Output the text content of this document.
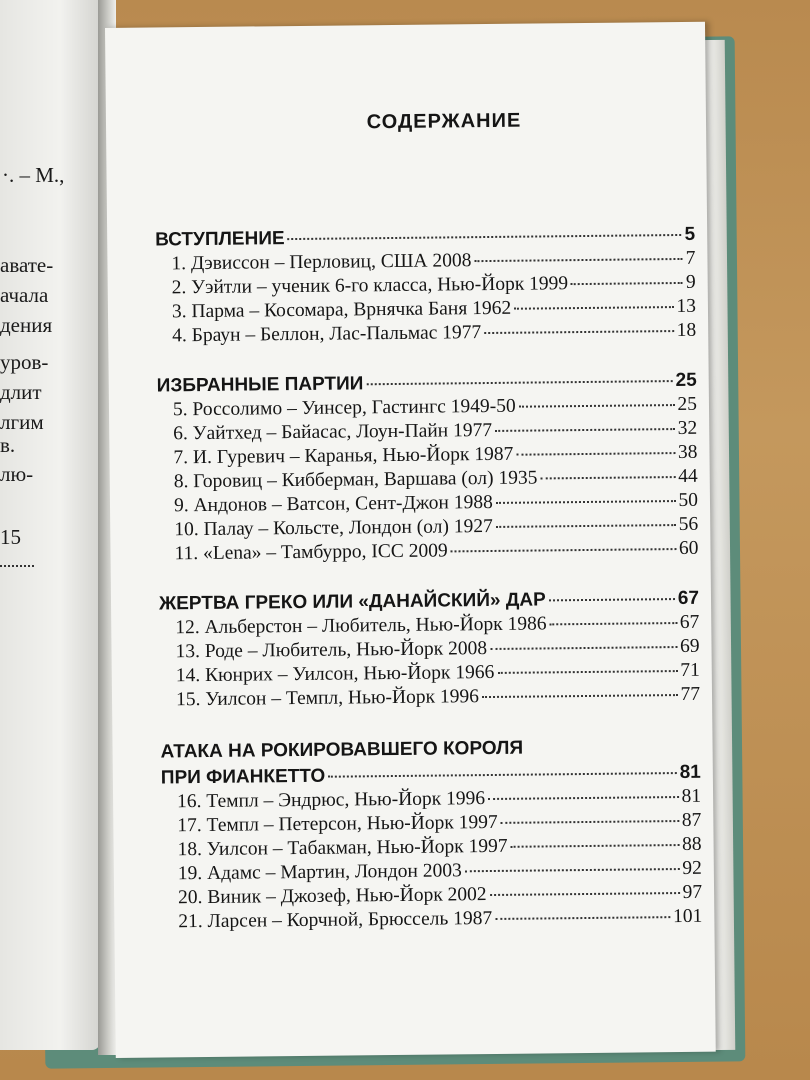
·. – М.,
авате-
ачала
дения
уров-
длит
лгим
в.
лю-
15
СОДЕРЖАНИЕ
ВСТУПЛЕНИЕ	5
1. Дэвиссон – Перловиц, США 2008	7
2. Уэйтли – ученик 6-го класса, Нью-Йорк 1999	9
3. Парма – Косомара, Врнячка Баня 1962	13
4. Браун – Беллон, Лас-Пальмас 1977	18
ИЗБРАННЫЕ ПАРТИИ	25
5. Россолимо – Уинсер, Гастингс 1949-50	25
6. Уайтхед – Байасас, Лоун-Пайн 1977	32
7. И. Гуревич – Каранья, Нью-Йорк 1987	38
8. Горовиц – Кибберман, Варшава (ол) 1935	44
9. Андонов – Ватсон, Сент-Джон 1988	50
10. Палау – Кольсте, Лондон (ол) 1927	56
11. «Lena» – Тамбурро, ICC 2009	60
ЖЕРТВА ГРЕКО ИЛИ «ДАНАЙСКИЙ» ДАР	67
12. Альберстон – Любитель, Нью-Йорк 1986	67
13. Роде – Любитель, Нью-Йорк 2008	69
14. Кюнрих – Уилсон, Нью-Йорк 1966	71
15. Уилсон – Темпл, Нью-Йорк 1996	77
АТАКА НА РОКИРОВАВШЕГО КОРОЛЯ
ПРИ ФИАНКЕТТО	81
16. Темпл – Эндрюс, Нью-Йорк 1996	81
17. Темпл – Петерсон, Нью-Йорк 1997	87
18. Уилсон – Табакман, Нью-Йорк 1997	88
19. Адамс – Мартин, Лондон 2003	92
20. Виник – Джозеф, Нью-Йорк 2002	97
21. Ларсен – Корчной, Брюссель 1987	101
